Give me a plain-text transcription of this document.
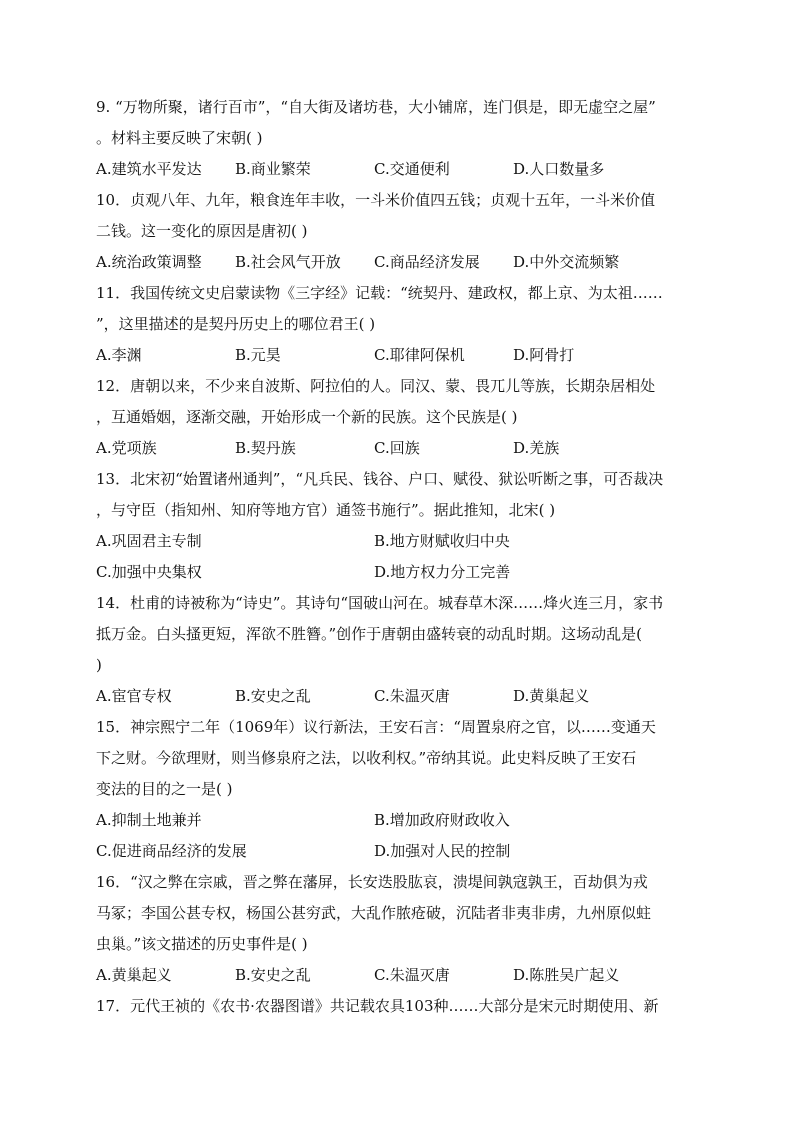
9. “万物所聚，诸行百市”，“自大街及诸坊巷，大小铺席，连门俱是，即无虚空之屋”
。材料主要反映了宋朝( )
A.建筑水平发达	B.商业繁荣	C.交通便利	D.人口数量多
10．贞观八年、九年，粮食连年丰收，一斗米价值四五钱；贞观十五年，一斗米价值
二钱。这一变化的原因是唐初( )
A.统治政策调整	B.社会风气开放	C.商品经济发展	D.中外交流频繁
11．我国传统文史启蒙读物《三字经》记载：“统契丹、建政权，都上京、为太祖……
”，这里描述的是契丹历史上的哪位君王( )
A.李渊	B.元昊	C.耶律阿保机	D.阿骨打
12．唐朝以来，不少来自波斯、阿拉伯的人。同汉、蒙、畏兀儿等族，长期杂居相处
，互通婚姻，逐渐交融，开始形成一个新的民族。这个民族是( )
A.党项族	B.契丹族	C.回族	D.羌族
13．北宋初“始置诸州通判”，“凡兵民、钱谷、户口、赋役、狱讼听断之事，可否裁决
，与守臣（指知州、知府等地方官）通签书施行”。据此推知，北宋( )
A.巩固君主专制	B.地方财赋收归中央
C.加强中央集权	D.地方权力分工完善
14．杜甫的诗被称为“诗史”。其诗句“国破山河在。城春草木深……烽火连三月，家书
抵万金。白头搔更短，浑欲不胜簪。”创作于唐朝由盛转衰的动乱时期。这场动乱是(
)
A.宦官专权	B.安史之乱	C.朱温灭唐	D.黄巢起义
15．神宗熙宁二年（1069年）议行新法，王安石言：“周置泉府之官，以……变通天
下之财。今欲理财，则当修泉府之法，以收利权。”帝纳其说。此史料反映了王安石
变法的目的之一是( )
A.抑制土地兼并	B.增加政府财政收入
C.促进商品经济的发展	D.加强对人民的控制
16．“汉之弊在宗戚，晋之弊在藩屏，长安迭股肱哀，溃堤间孰寇孰王，百劫俱为戎
马冢；李国公甚专权，杨国公甚穷武，大乱作脓疮破，沉陆者非夷非虏，九州原似蛀
虫巢。”该文描述的历史事件是( )
A.黄巢起义	B.安史之乱	C.朱温灭唐	D.陈胜吴广起义
17．元代王祯的《农书·农器图谱》共记载农具103种……大部分是宋元时期使用、新
